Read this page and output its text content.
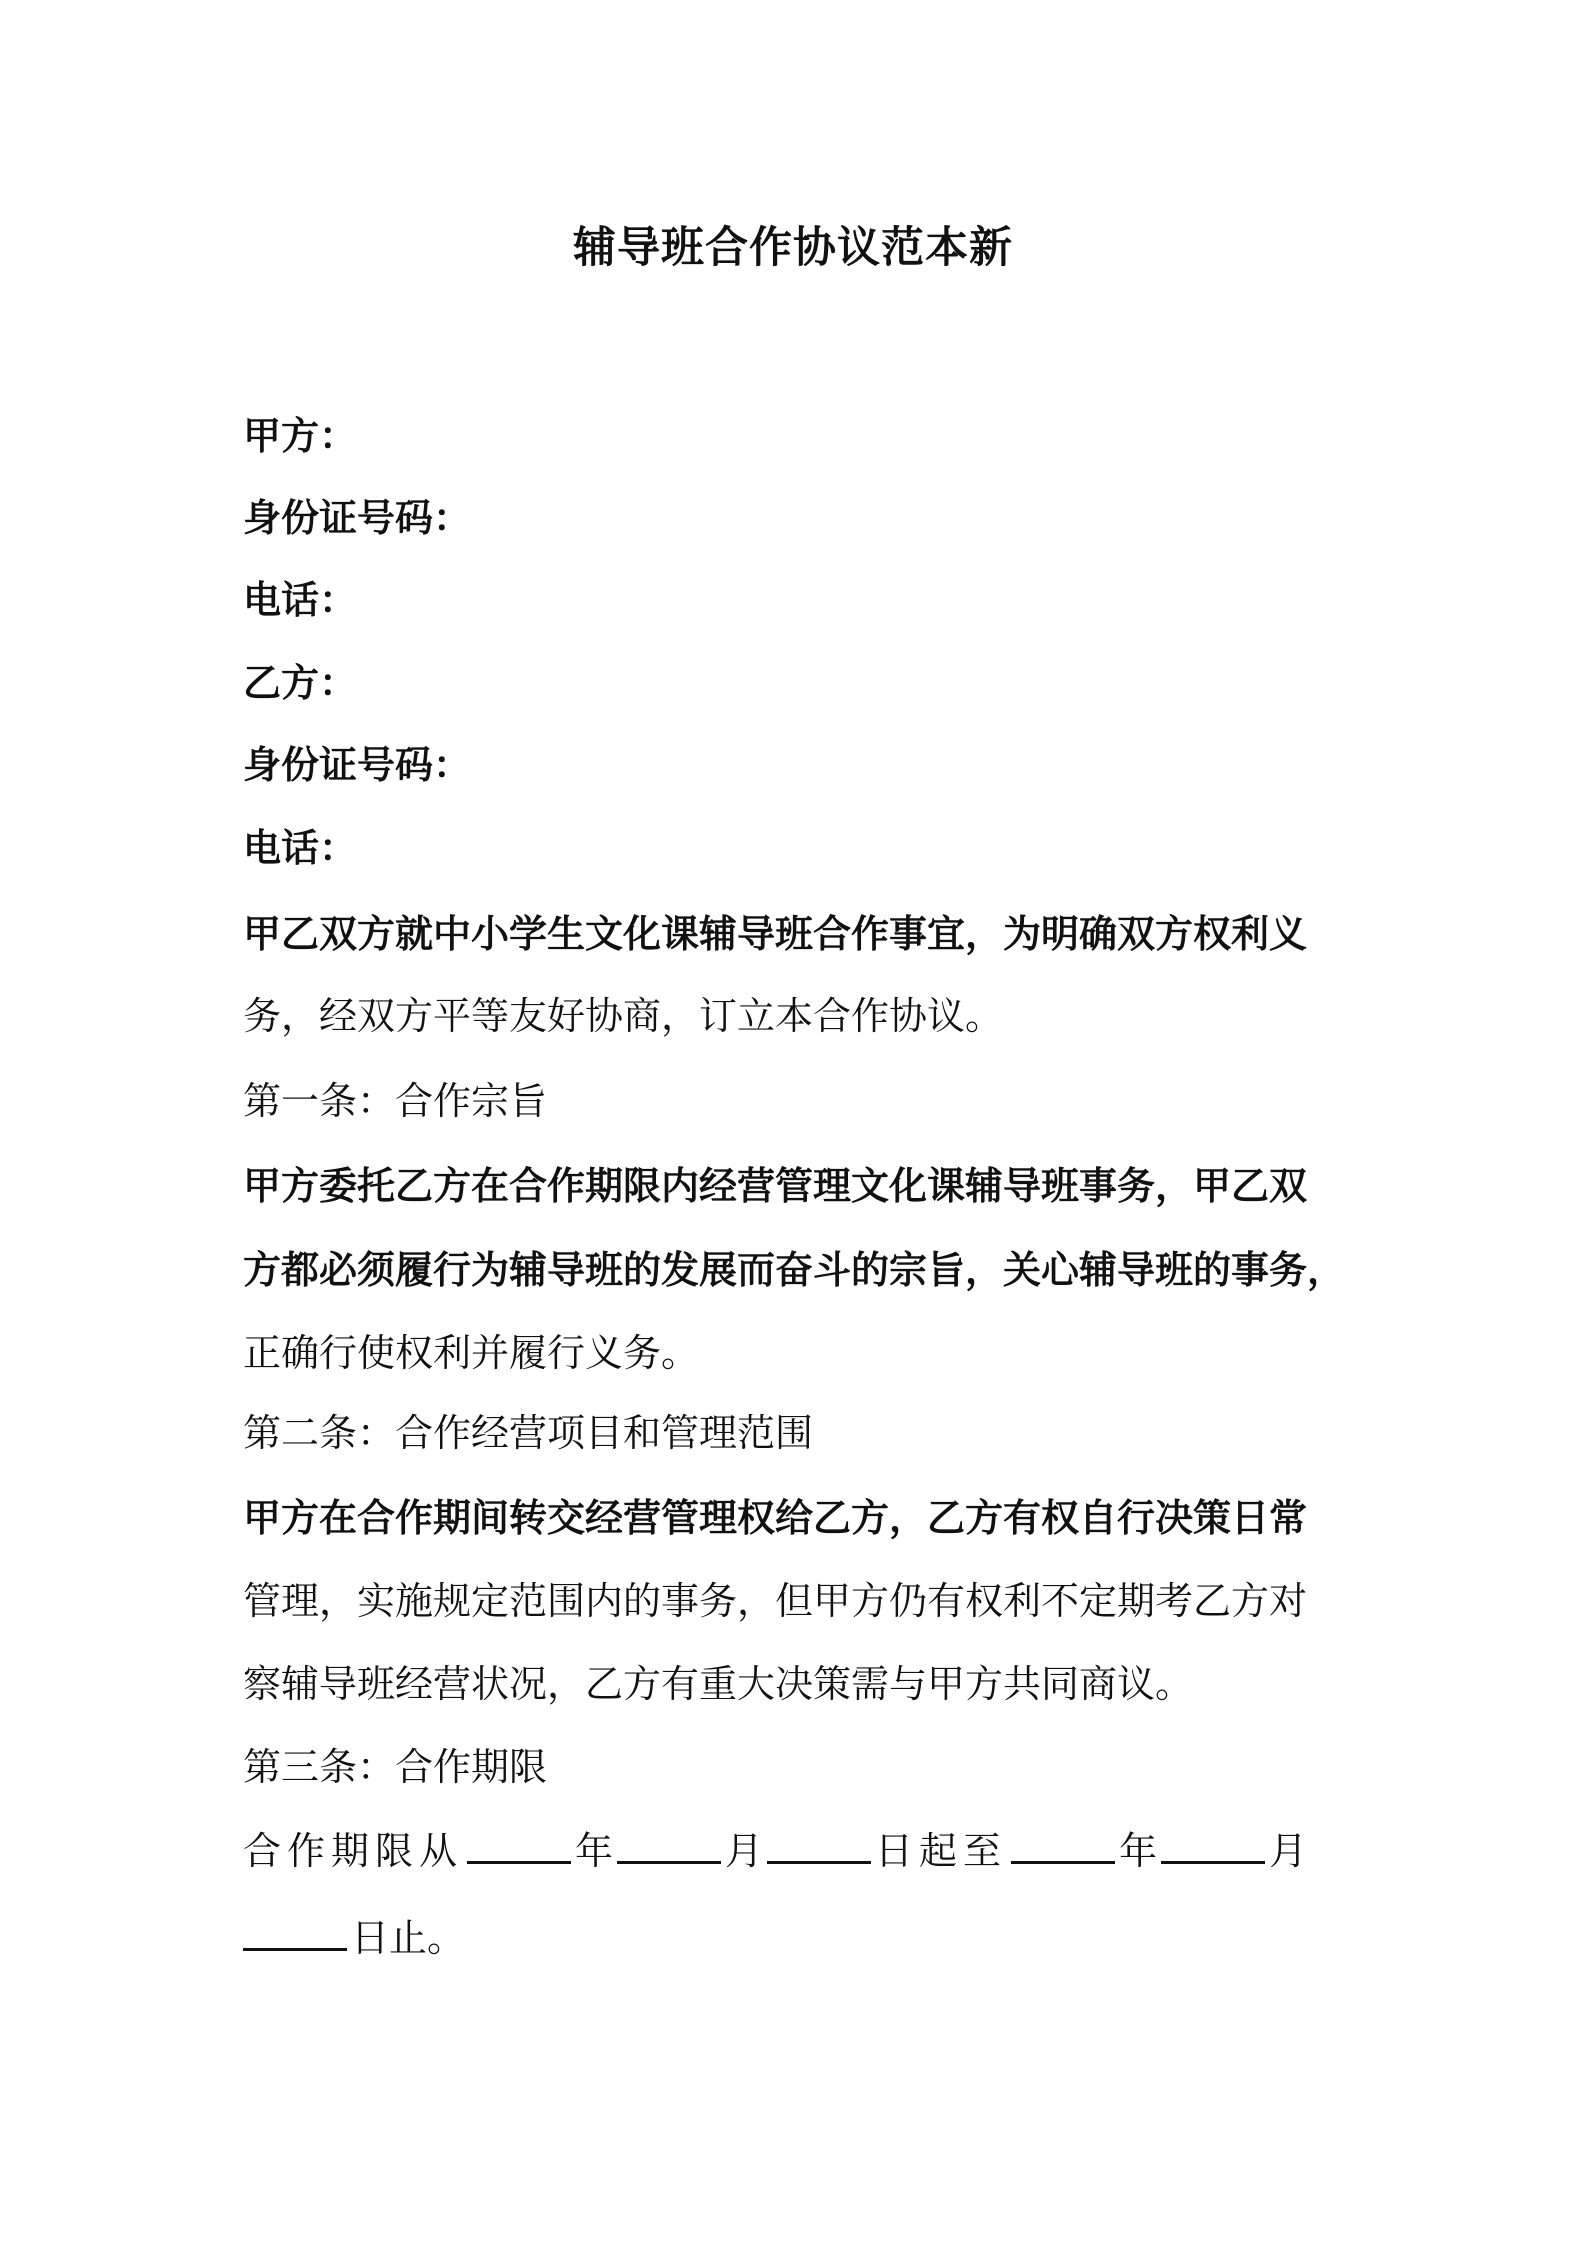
辅导班合作协议范本新

甲方：

身份证号码：

电话：

乙方：

身份证号码：

电话：

甲乙双方就中小学生文化课辅导班合作事宜，为明确双方权利义

务，经双方平等友好协商，订立本合作协议。

第一条：合作宗旨

甲方委托乙方在合作期限内经营管理文化课辅导班事务，甲乙双

方都必须履行为辅导班的发展而奋斗的宗旨，关心辅导班的事务，

正确行使权利并履行义务。

第二条：合作经营项目和管理范围

甲方在合作期间转交经营管理权给乙方，乙方有权自行决策日常

管理，实施规定范围内的事务，但甲方仍有权利不定期考乙方对

察辅导班经营状况，乙方有重大决策需与甲方共同商议。

第三条：合作期限

合作期限从	年	月	日起至	年	月

日止。
